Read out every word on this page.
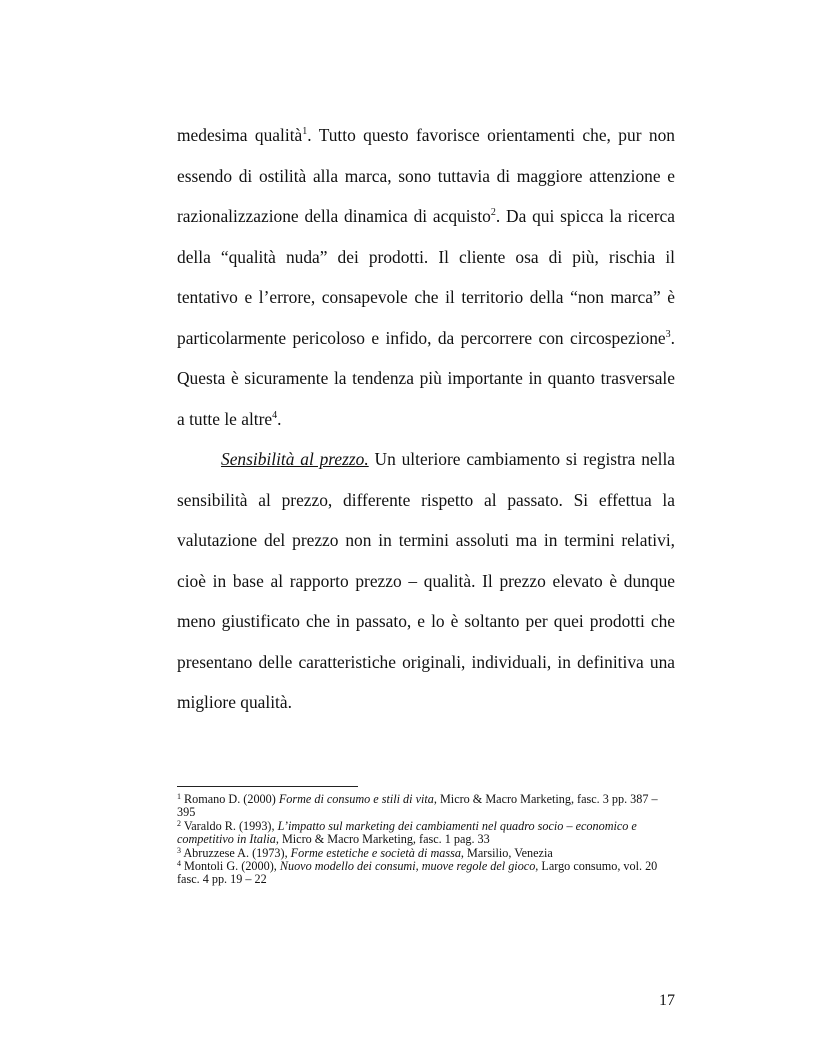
medesima qualità$^1$. Tutto questo favorisce orientamenti che, pur non essendo di ostilità alla marca, sono tuttavia di maggiore attenzione e razionalizzazione della dinamica di acquisto$^2$. Da qui spicca la ricerca della “qualità nuda” dei prodotti. Il cliente osa di più, rischia il tentativo e l’errore, consapevole che il territorio della “non marca” è particolarmente pericoloso e infido, da percorrere con circospezione$^3$. Questa è sicuramente la tendenza più importante in quanto trasversale a tutte le altre$^4$.

Sensibilità al prezzo. Un ulteriore cambiamento si registra nella sensibilità al prezzo, differente rispetto al passato. Si effettua la valutazione del prezzo non in termini assoluti ma in termini relativi, cioè in base al rapporto prezzo – qualità. Il prezzo elevato è dunque meno giustificato che in passato, e lo è soltanto per quei prodotti che presentano delle caratteristiche originali, individuali, in definitiva una migliore qualità.

$^1$ Romano D. (2000) Forme di consumo e stili di vita, Micro & Macro Marketing, fasc. 3 pp. 387 – 395

$^2$ Varaldo R. (1993), L’impatto sul marketing dei cambiamenti nel quadro socio – economico e competitivo in Italia, Micro & Macro Marketing, fasc. 1 pag. 33

$^3$ Abruzzese A. (1973), Forme estetiche e società di massa, Marsilio, Venezia

$^4$ Montoli G. (2000), Nuovo modello dei consumi, muove regole del gioco, Largo consumo, vol. 20 fasc. 4 pp. 19 – 22

17
